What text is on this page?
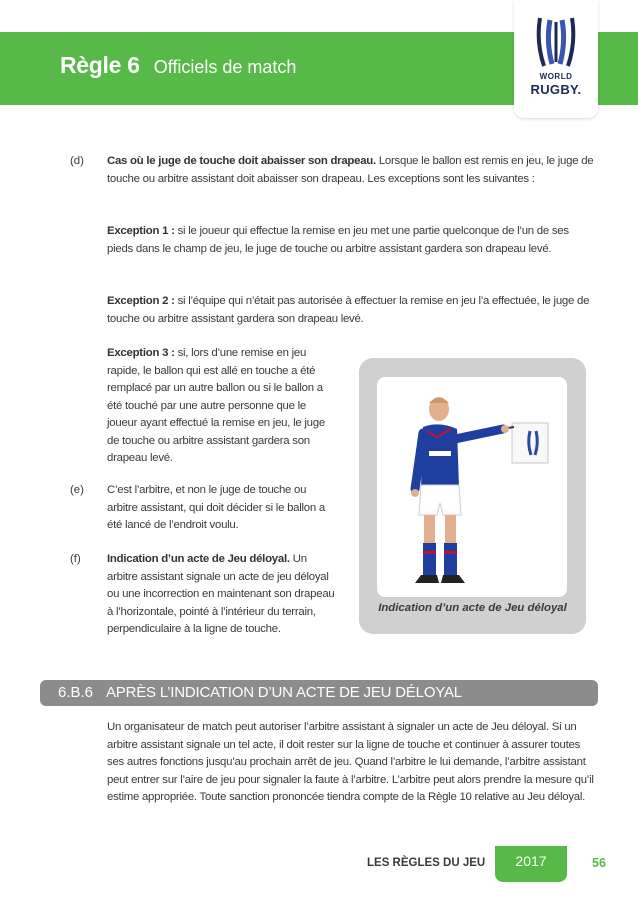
Règle 6 Officiels de match	WORLD
RUGBY.
(d) Cas où le juge de touche doit abaisser son drapeau. Lorsque le ballon est remis en jeu, le juge de touche ou arbitre assistant doit abaisser son drapeau. Les exceptions sont les suivantes :
Exception 1 : si le joueur qui effectue la remise en jeu met une partie quelconque de l’un de ses pieds dans le champ de jeu, le juge de touche ou arbitre assistant gardera son drapeau levé.
Exception 2 : si l’équipe qui n’était pas autorisée à effectuer la remise en jeu l’a effectuée, le juge de touche ou arbitre assistant gardera son drapeau levé.
Exception 3 : si, lors d’une remise en jeu rapide, le ballon qui est allé en touche a été remplacé par un autre ballon ou si le ballon a été touché par une autre personne que le joueur ayant effectué la remise en jeu, le juge de touche ou arbitre assistant gardera son drapeau levé.
(e) C’est l’arbitre, et non le juge de touche ou arbitre assistant, qui doit décider si le ballon a été lancé de l’endroit voulu.
(f) Indication d’un acte de Jeu déloyal. Un arbitre assistant signale un acte de jeu déloyal ou une incorrection en maintenant son drapeau à l’horizontale, pointé à l’intérieur du terrain, perpendiculaire à la ligne de touche.
Indication d’un acte de Jeu déloyal
6.B.6 APRÈS L’INDICATION D’UN ACTE DE JEU DÉLOYAL
Un organisateur de match peut autoriser l’arbitre assistant à signaler un acte de Jeu déloyal. Si un arbitre assistant signale un tel acte, il doit rester sur la ligne de touche et continuer à assurer toutes ses autres fonctions jusqu’au prochain arrêt de jeu. Quand l’arbitre le lui demande, l’arbitre assistant peut entrer sur l’aire de jeu pour signaler la faute à l’arbitre. L’arbitre peut alors prendre la mesure qu’il estime appropriée. Toute sanction prononcée tiendra compte de la Règle 10 relative au Jeu déloyal.
LES RÈGLES DU JEU	2017	56
